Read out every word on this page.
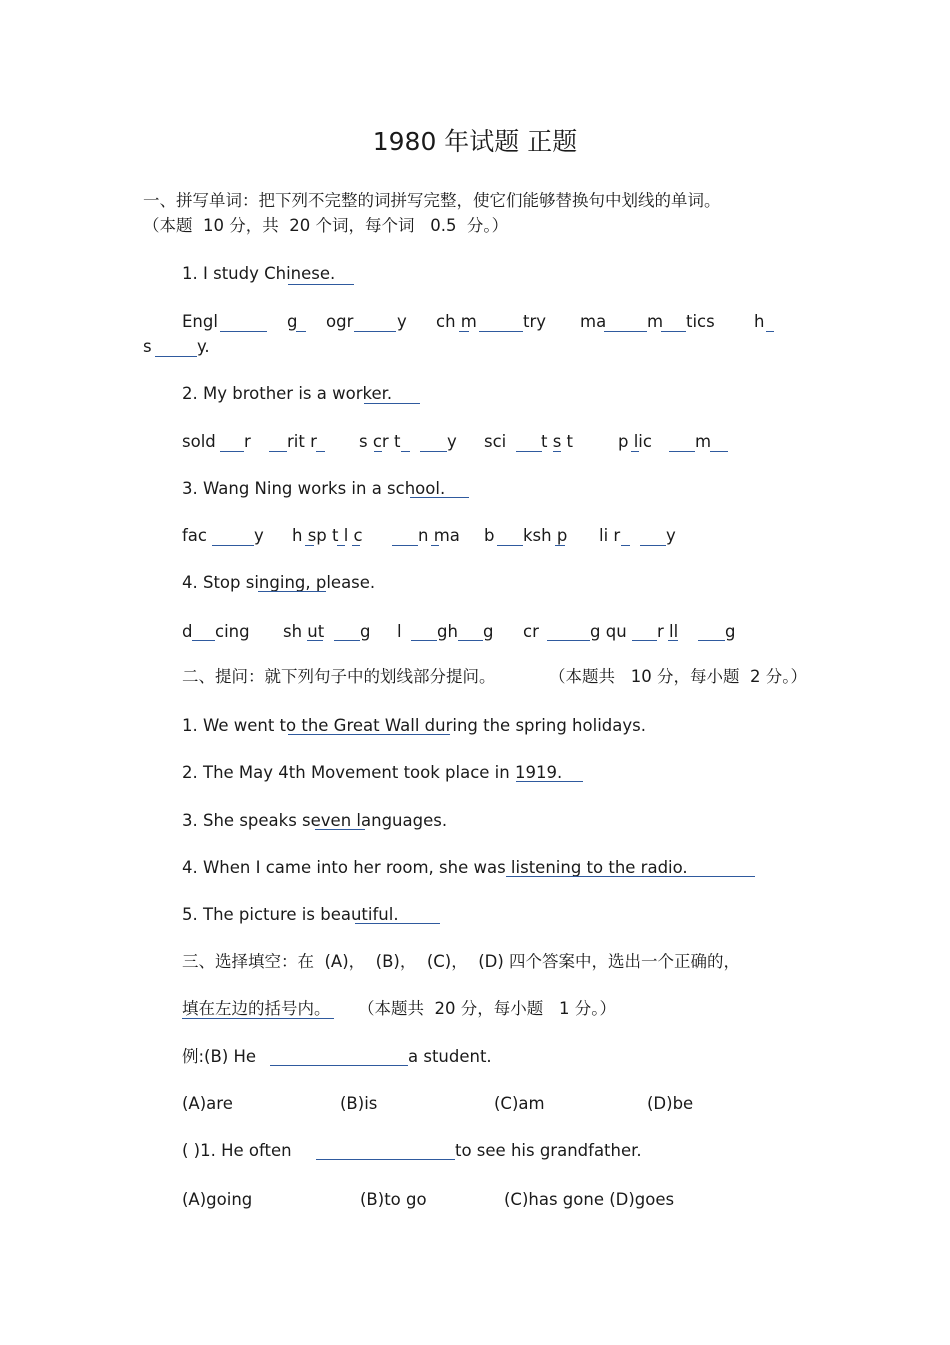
1980 年试题 正题
一、拼写单词：把下列不完整的词拼写完整，使它们能够替换句中划线的单词。
（本题  10 分，共  20 个词，每个词   0.5  分。）
1. I study Chinese.
Engl	g ogr	y ch m	try ma m tics h
s	y.
2. My brother is a worker.
sold r rit r	s cr t	y sci t s t	p lic	m
3. Wang Ning works in a school.
fac	y h sp t l c	n ma b ksh p li r	y
4. Stop singing, please.
d cing sh ut g l gh g cr	g qu r ll	g
二、提问：就下列句子中的划线部分提问。	（本题共   10 分，每小题  2 分。）
1. We went to the Great Wall during the spring holidays.
2. The May 4th Movement took place in 1919.
3. She speaks seven languages.
4. When I came into her room, she was listening to the radio.
5. The picture is beautiful.
三、选择填空：在  (A)，  (B)，  (C)，  (D) 四个答案中，选出一个正确的，
填在左边的括号内。 （本题共  20 分，每小题   1 分。）
例:(B) He	a student.
(A)are	(B)is	(C)am	(D)be
( )1. He often	to see his grandfather.
(A)going	(B)to go	(C)has gone (D)goes
